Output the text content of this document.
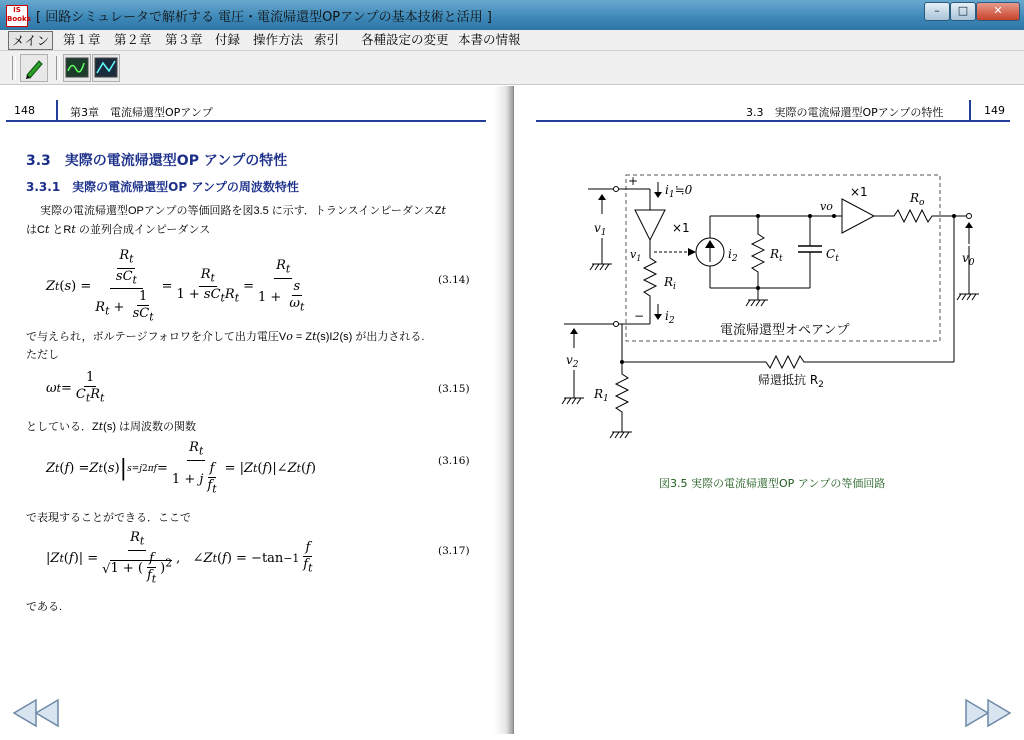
IS Books [ 回路シミュレータで解析する 電圧・電流帰還型OPアンプの基本技術と活用 ]	–	□	✕
メイン	第１章 第２章 第３章 付録 操作方法 索引 各種設定の変更 本書の情報
148	第3章　電流帰還型OPアンプ
3.3　実際の電流帰還型OP アンプの特性
3.3.1　実際の電流帰還型OP アンプの周波数特性
実際の電流帰還型OPアンプの等価回路を図3.5 に示す．トランスインピーダンスZt
はCt とRt の並列合成インピーダンス
Z t ( s ) = $\frac{\frac{R_t}{sC_t}}{R_t + \frac{1}{sC_t}} = \frac{R_t}{1 + sC_tR_t} = \frac{R_t}{1 + \frac{s}{\omega_t}}$	(3.14)
で与えられ，ボルテージフォロワを介して出力電圧Vo = Zt(s)I2(s) が出力される.
ただし
ω $t = \frac{1}{C_tR_t}$	(3.15)
としている．Zt(s) は周波数の関数
Z t ( f ) = Z t ( s ) | $s=j2\pi f = \frac{R_t}{1 + j \frac{f}{f_t}}$ = | Z t ( f )|∠ Z t ( f )
(3.16)
で表現することができる．ここで
| Z t ( f )| = $\frac{R_t}{√1 + ( \frac{f}{f_t} )^2}$ ,   ∠ Z t ( f ) = $-\tan -1 \frac{f}{f_t}$	(3.17)
である.
3.3　実際の電流帰還型OPアンプの特性	149
+
$i_1≒0$
×1
$v_1$
$R_i$
− $i_2$
$i_2$	$R_t$	$C_t$
vo
×1	$R_o$
$v_0$
帰還抵抗 $R_2$
電流帰還型オペアンプ
$R_1$
$v_1$
$v_2$
図3.5 実際の電流帰還型OP アンプの等価回路
